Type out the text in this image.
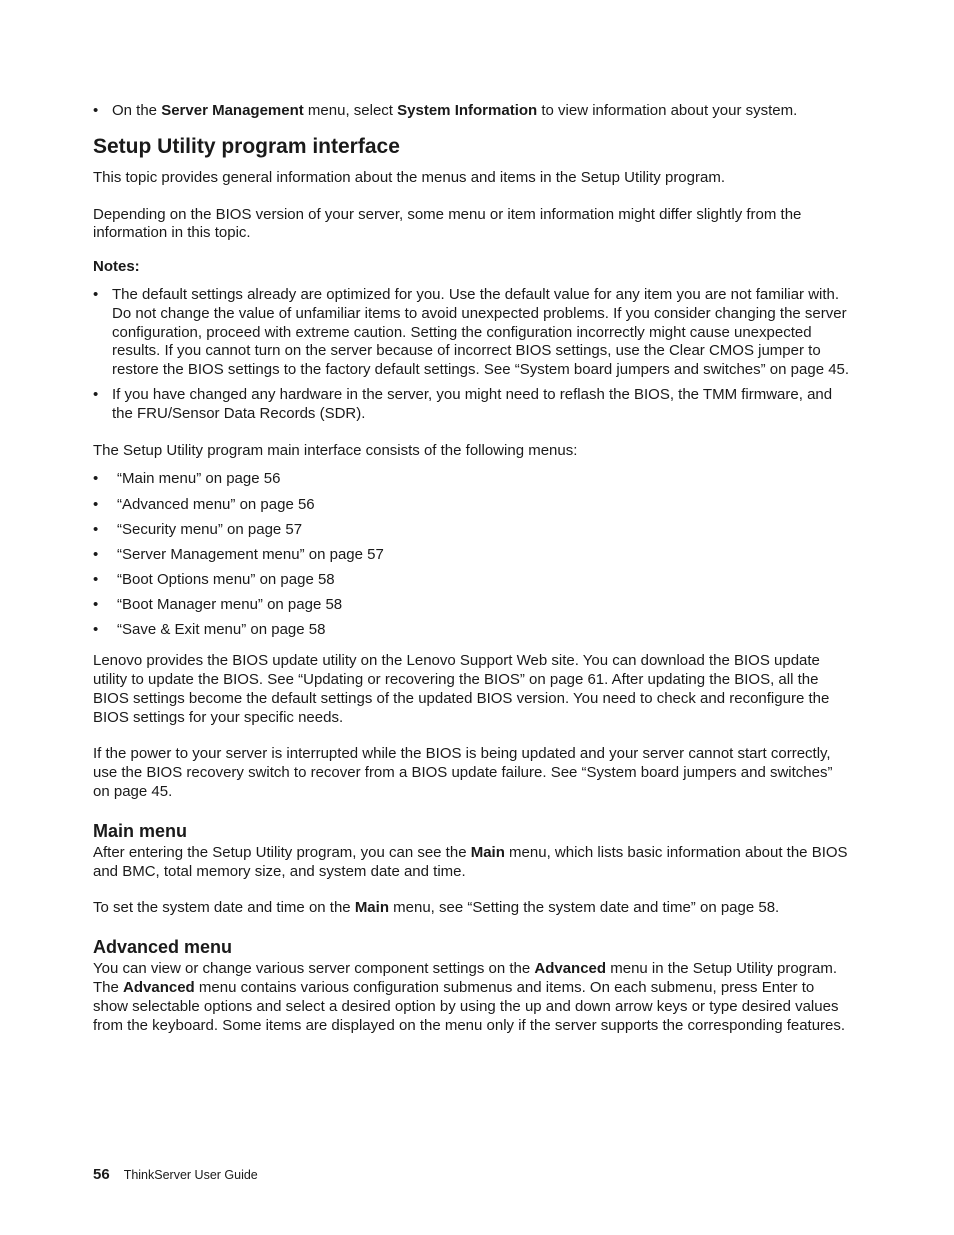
• On the Server Management menu, select System Information to view information about your system.
Setup Utility program interface

This topic provides general information about the menus and items in the Setup Utility program.

Depending on the BIOS version of your server, some menu or item information might differ slightly from the information in this topic.

Notes:
• The default settings already are optimized for you. Use the default value for any item you are not familiar with. Do not change the value of unfamiliar items to avoid unexpected problems. If you consider changing the server configuration, proceed with extreme caution. Setting the configuration incorrectly might cause unexpected results. If you cannot turn on the server because of incorrect BIOS settings, use the Clear CMOS jumper to restore the BIOS settings to the factory default settings. See “System board jumpers and switches” on page 45.
• If you have changed any hardware in the server, you might need to reflash the BIOS, the TMM firmware, and the FRU/Sensor Data Records (SDR).

The Setup Utility program main interface consists of the following menus:

• “Main menu” on page 56
• “Advanced menu” on page 56
• “Security menu” on page 57
• “Server Management menu” on page 57
• “Boot Options menu” on page 58
• “Boot Manager menu” on page 58
• “Save & Exit menu” on page 58

Lenovo provides the BIOS update utility on the Lenovo Support Web site. You can download the BIOS update utility to update the BIOS. See “Updating or recovering the BIOS” on page 61. After updating the BIOS, all the BIOS settings become the default settings of the updated BIOS version. You need to check and reconfigure the BIOS settings for your specific needs.

If the power to your server is interrupted while the BIOS is being updated and your server cannot start correctly, use the BIOS recovery switch to recover from a BIOS update failure. See “System board jumpers and switches” on page 45.

Main menu

After entering the Setup Utility program, you can see the Main menu, which lists basic information about the BIOS and BMC, total memory size, and system date and time.

To set the system date and time on the Main menu, see “Setting the system date and time” on page 58.

Advanced menu

You can view or change various server component settings on the Advanced menu in the Setup Utility program. The Advanced menu contains various configuration submenus and items. On each submenu, press Enter to show selectable options and select a desired option by using the up and down arrow keys or type desired values from the keyboard. Some items are displayed on the menu only if the server supports the corresponding features.

56 ThinkServer User Guide
